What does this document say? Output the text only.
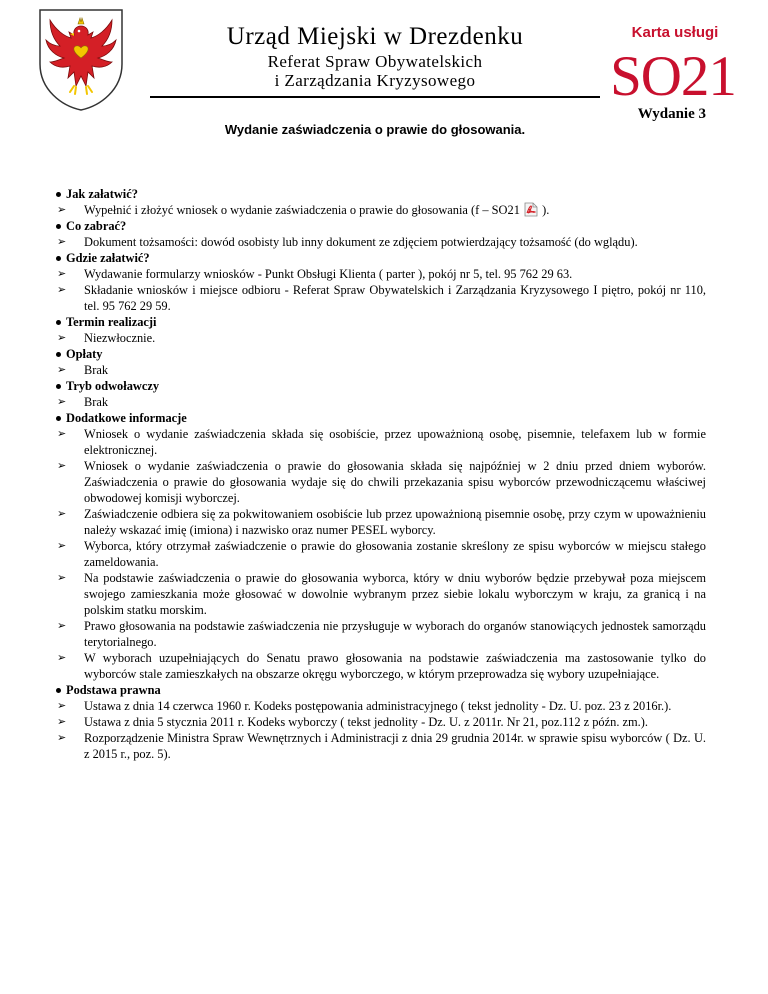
Urząd Miejski w Drezdenku
Referat Spraw Obywatelskich
i Zarządzania Kryzysowego
Karta usługi
SO21
Wydanie 3
Wydanie zaświadczenia o prawie do głosowania.
Jak załatwić?
➢ Wypełnić i złożyć wniosek o wydanie zaświadczenia o prawie do głosowania (f – SO21 ).
Co zabrać?
➢ Dokument tożsamości: dowód osobisty lub inny dokument ze zdjęciem potwierdzający tożsamość (do wglądu).
Gdzie załatwić?
➢ Wydawanie formularzy wniosków - Punkt Obsługi Klienta ( parter ), pokój nr 5, tel. 95 762 29 63.
➢ Składanie wniosków i miejsce odbioru - Referat Spraw Obywatelskich i Zarządzania Kryzysowego I piętro, pokój nr 110, tel. 95 762 29 59.
Termin realizacji
➢ Niezwłocznie.
Opłaty
➢ Brak
Tryb odwoławczy
➢ Brak
Dodatkowe informacje
➢ Wniosek o wydanie zaświadczenia składa się osobiście, przez upoważnioną osobę, pisemnie, telefaxem lub w formie elektronicznej.
➢ Wniosek o wydanie zaświadczenia o prawie do głosowania składa się najpóźniej w 2 dniu przed dniem wyborów. Zaświadczenia o prawie do głosowania wydaje się do chwili przekazania spisu wyborców przewodniczącemu właściwej obwodowej komisji wyborczej.
➢ Zaświadczenie odbiera się za pokwitowaniem osobiście lub przez upoważnioną pisemnie osobę, przy czym w upoważnieniu należy wskazać imię (imiona) i nazwisko oraz numer PESEL wyborcy.
➢ Wyborca, który otrzymał zaświadczenie o prawie do głosowania zostanie skreślony ze spisu wyborców w miejscu stałego zameldowania.
➢ Na podstawie zaświadczenia o prawie do głosowania wyborca, który w dniu wyborów będzie przebywał poza miejscem swojego zamieszkania może głosować w dowolnie wybranym przez siebie lokalu wyborczym w kraju, za granicą i na polskim statku morskim.
➢ Prawo głosowania na podstawie zaświadczenia nie przysługuje w wyborach do organów stanowiących jednostek samorządu terytorialnego.
➢ W wyborach uzupełniających do Senatu prawo głosowania na podstawie zaświadczenia ma zastosowanie tylko do wyborców stale zamieszkałych na obszarze okręgu wyborczego, w którym przeprowadza się wybory uzupełniające.
Podstawa prawna
➢ Ustawa z dnia 14 czerwca 1960 r. Kodeks postępowania administracyjnego ( tekst jednolity - Dz. U. poz. 23 z 2016r.).
➢ Ustawa z dnia 5 stycznia 2011 r. Kodeks wyborczy ( tekst jednolity - Dz. U. z 2011r. Nr 21, poz.112 z późn. zm.).
➢ Rozporządzenie Ministra Spraw Wewnętrznych i Administracji z dnia 29 grudnia 2014r. w sprawie spisu wyborców ( Dz. U. z 2015 r., poz. 5).
